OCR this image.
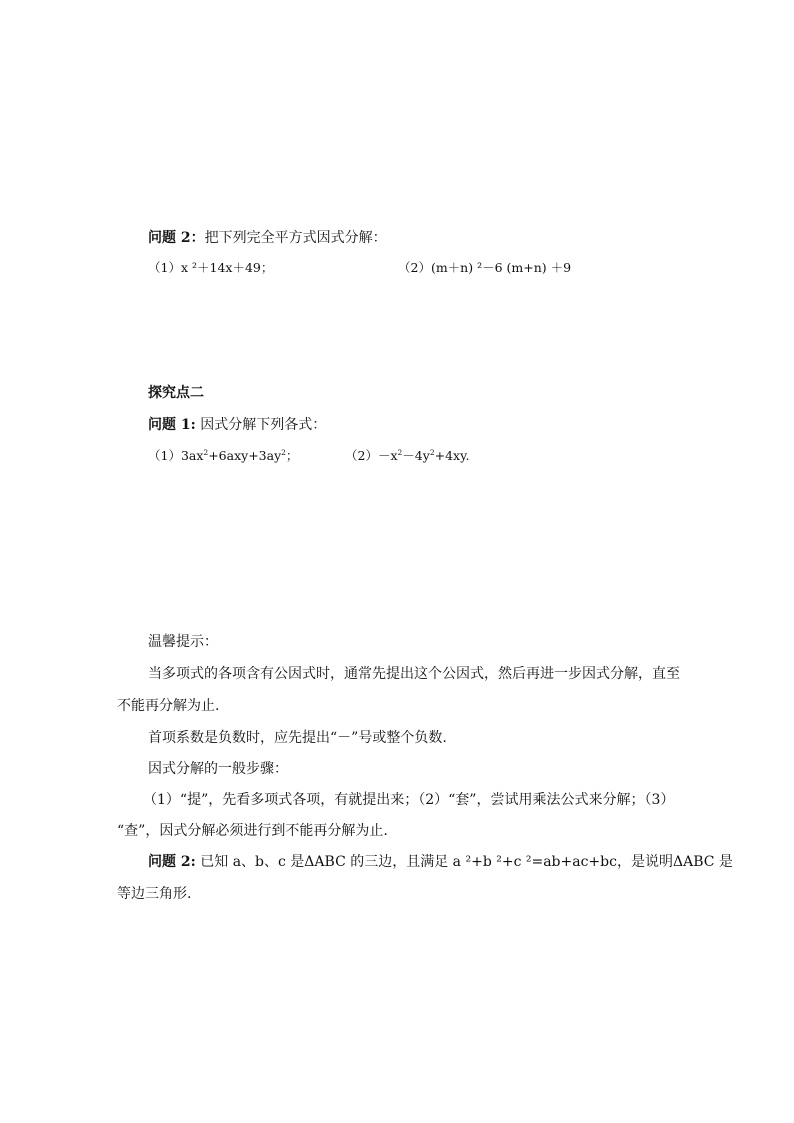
问题 2：把下列完全平方式因式分解：
（1）x ²＋14x＋49；	（2）(m＋n) ²－6 (m+n) ＋9
探究点二
问题 1: 因式分解下列各式：
$(1)3ax^2+6axy+3ay^2$；	$(2)-x^2-4y^2+4xy$.
温馨提示：
当多项式的各项含有公因式时，通常先提出这个公因式，然后再进一步因式分解，直至
不能再分解为止.
首项系数是负数时，应先提出“－”号或整个负数.
因式分解的一般步骤：
（1）“提”，先看多项式各项，有就提出来；（2）“套”，尝试用乘法公式来分解；（3）
“查”，因式分解必须进行到不能再分解为止.
问题 2: 已知 a、b、c 是ΔABC 的三边，且满足 a ²+b ²+c ²=ab+ac+bc，是说明ΔABC 是
等边三角形.
